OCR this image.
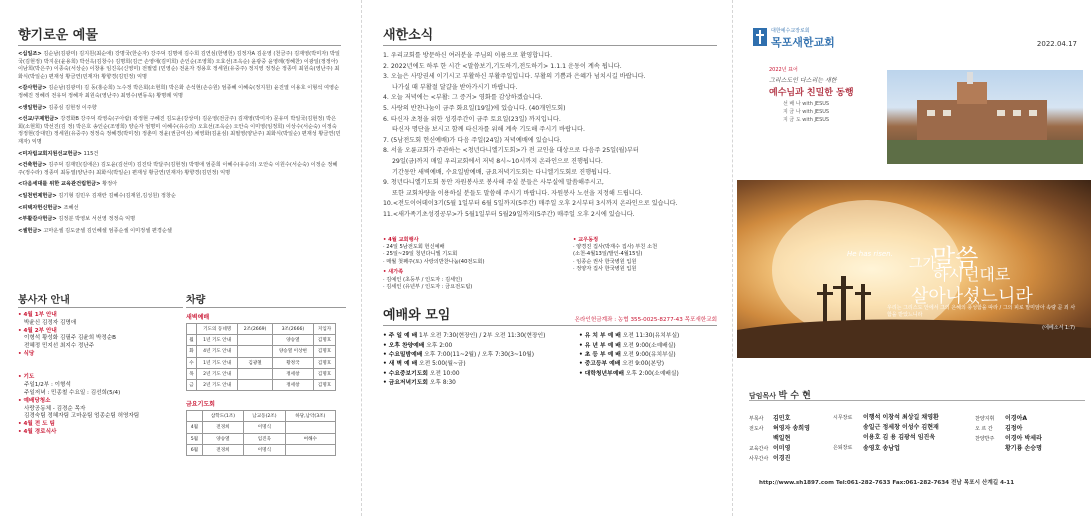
향기로운 예물
<십일조> 김순남(김광미) 김지원(최순애) 강명국(한순자) 강주덕 김명애 김수희 김연심(한병헌) 김정자A 김운영 (천금주) 김재영(박미자) 박일국(김현정) 박지운(윤용희) 박선옥(김창수) 김명희(김근 손영애(김미희) 손인순(조영희) 오효선(조옥순) 윤광중 윤영례(정혜찬) 이광일(정정아) 이남희(박은주) 이종숙(서상순) 이창용 임진옥(신영미) 전필엽 (민영순) 전윤자 정용호 정세원(유중주) 정지영 정정순 정종미 최원숙(영난주) 최화식(박일순) 편재성 황금연(민재자) 황향경(김민정) 익명
<감사헌금> 김순남(김광미) 김 동(홍순희) 노수정 박은회(소현희) 박은화 손석현(손승원) 엄종혜 이혜숙(정지원) 윤진열 이용호 이형석 여영순 정혜진 정혜리 전유덕 정혜자 최원숙(영난주) 최영수(변동욱) 황명례 익명
<생일헌금> 김종심 김현정 이주향
<선교/구제헌금> 강경화B 강주덕 곽영숙(구아람) 곽정현 구혜진 김도윤(강상미) 김운영(전금주) 김재영(박미자) 문유미 박일국(김현정) 박은회(소현희) 박선진(김 정) 박은호 송인순(조영희) 양순자 엄명미 이혜수(유승의) 오효선(조옥순) 오안숙 이미영(임정희) 이상수(서순숙) 이정숙 정정현(강대민) 정세원(유중주) 정정숙 정혜경(박미정) 정춘미 정윤(권금미선) 채영화(김윤심) 최필영(양난주) 최화식(박일순) 편재성 황금연(민재자) 익명
<미자립교회지원선교헌금> 115건
<건축헌금> 김주덕 김재민(김애은) 김도윤(김선미) 김진탁 박달주(김현정) 박명애 엄준희 이혜수(유승의) 오안숙 이원수(서순숙) 이정순 정혜주(정수라) 정종미 최동열(양난주) 최화식(박일순) 편재성 황금연(민재자) 황향경(김민정) 익명
<다음세대를 위한 교육관건립헌금> 황정아
<일천번제헌금> 김기형 김민우 김재란 김혜수(김재원,김성원) 정창순
<피택자헌신헌금> 조혜선
<부활감사헌금> 김정분 박영보 서선영 정정숙 익명
<셀헌금> 고마운셀 김도균셀 김인혜셀 엄종순셀 이미정셀 편경순셀
봉사자 안내
• 4월 1부 안내
박윤신 김정자 김명애
• 4월 2부 안내
이형석 황성화 김필주 김윤희 박정순B
전혜정 민지선 최지수 정난주
• 식당

• 기도
주일1/2부 : 이형석
주일저녁 : 민종철 수요일 : 김선희(5/4)
• 예배당청소
사랑공동체 - 김경순 목자
김경숙팀 정혜자팀 고마운팀 엄종순팀 허영자팀
• 4월 전 도 팀
• 4월 경로식사
차량
새벽예배
	기도의 동네명	2조(2669)	3조(2666)	지입자
월	1년 기도 안내		양승열	김명호
화	4년 기도 안내		양승열 이상현	김명호
수	1년 기도 안내	김광철	황정국	김명호
목	2년 기도 안내		정세창	김명호
금	2년 기도 안내		정세창	김명호
금요기도회
	삼학도(1조)	남교동(2조)	하당,남악(3조)
4월	전경희	이명식	
5월	양승열	임진욱	여해수
6월	전경희	이명식	
새한소식
1. 우리교회를 방문하신 여러분을 주님의 이름으로 환영합니다.
2. 2022년에도 하루 한 시간 <말씀보기,기도하기,전도하기> 1.1.1 운동이 계속 됩니다.
3. 오늘은 사망권세 이기시고 부활하신 부활주일입니다. 부활의 기쁨과 은혜가 넘치시길 바랍니다.
나가실 때 부활절 달걀을 받아가시기 바랍니다.
4. 오늘 저녁에는 <부활: 그 증거> 영화를 감상하겠습니다.
5. 사랑의 반찬나눔이 금주 화요일(19일)에 있습니다. (40개인도회)
6. 타신자 초청을 위한 성경주간이 금주 토요일(23일) 까지입니다.
타신자 명단을 보시고 함께 타신자를 위해 계속 기도해 주시기 바랍니다.
7. (5남전도회 헌신예배)가 다음 주일(24일) 저녁예배에 있습니다.
8. 서울 오륜교회가 주관하는 <청년다니엘기도회>가 전 교인을 대상으로 다음주 25일(월)부터
29일(금)까지 매일 우리교회에서 저녁 8시~10시까지 온라인으로 진행됩니다.
기간동안 새벽예배, 수요일밤예배, 금요저녁기도회는 다니엘기도회로 진행됩니다.
9. 청년다니엘기도회 동안 자원봉사로 봉사해 주실 분들은 사무실에 말씀해주시고,
또한 교회차량을 이용하실 분들도 말씀해 주시기 바랍니다. 자원봉사 노선을 지정해 드립니다.
10.<전도이어데이3기(5월 1일부터 6월 5일까지(5주간) 매주일 오후 2시부터 3시까지 온라인으로 있습니다.
11.<새가족기초성경공부>가 5월1일부터 5월29일까지(5주간) 매주일 오후 2시에 있습니다.
• 4월 교회행사
· 24일 5남전도회 헌신예배
· 25일~29일 청년다니엘 기도회
· 매월 첫째주(토) 사랑의반찬나눔(40전도회)
• 새가족
· 김예인 (초등부 / 인도자 : 김세인)
· 김세인 (유년부 / 인도자 : 금요전도팀)
• 교우동정
· 양경진 집사(박재수 집사) 부친 소천
(소천-4월13일/발인-4월15일)
· 임종순 권사 한국병원 입원
· 정양자 집사 한국병원 입원
예배와 모임	온라인헌금계좌 : 농협 355-0025-8277-43 목포새한교회
• 주 일 예 배 1부 오전 7:30(현장인) / 2부 오전 11:30(현장인)
• 오후 찬양예배 오후 2:00
• 수요밀밤예배 오후 7:00(11~2월) / 오후 7:30(3~10월)
• 새 벽 예 배 오전 5:00(월~금)
• 수요중보기도회 오전 10:00
• 금요저녁기도회 오후 8:30
• 유 치 부 예 배 오전 11:30(유치부실)
• 유 년 부 예 배 오전 9:00(소예배실)
• 초 등 부 예 배 오전 9:00(유치부실)
• 중고등부 예배 오전 9:00(본당)
• 대학청년부예배 오후 2:00(소예배실)
대한예수교장로회
목포새한교회	2022.04.17
2022년 표어
그리스도인 다스리는 새한
예수님과 친밀한 동행
선 배 나 with JESUS
지 금 나 with JESUS
지 금 도 with JESUS
He has risen.
그가
말씀
하시던대로
살아나셨느니라
우리는 그리스도 안에서 그의 은혜의 풍성함을 따라 / 그의 피로 말미암아 속량 곧 죄 사함을 받았느니라
(에베소서 1:7)
담임목사 박 수 현
부목사 김민호
전도사 허영자 송희영
백일현
교육간사 이미영
사무간사 이경진
시무장로 이행석 이창석 최상길 채영환
송일근 정세창 이성수 김현재
이용호 김 용 김광석 임진욱
은퇴장로 송영호 송남업
찬양지휘 이경아A
오 르 간 김정아
찬양반주 이경아 박세라
황기룡 손승명
http://www.sh1897.com Tel:061-282-7633 Fax:061-282-7634 전남 목포시 산계길 4-11
